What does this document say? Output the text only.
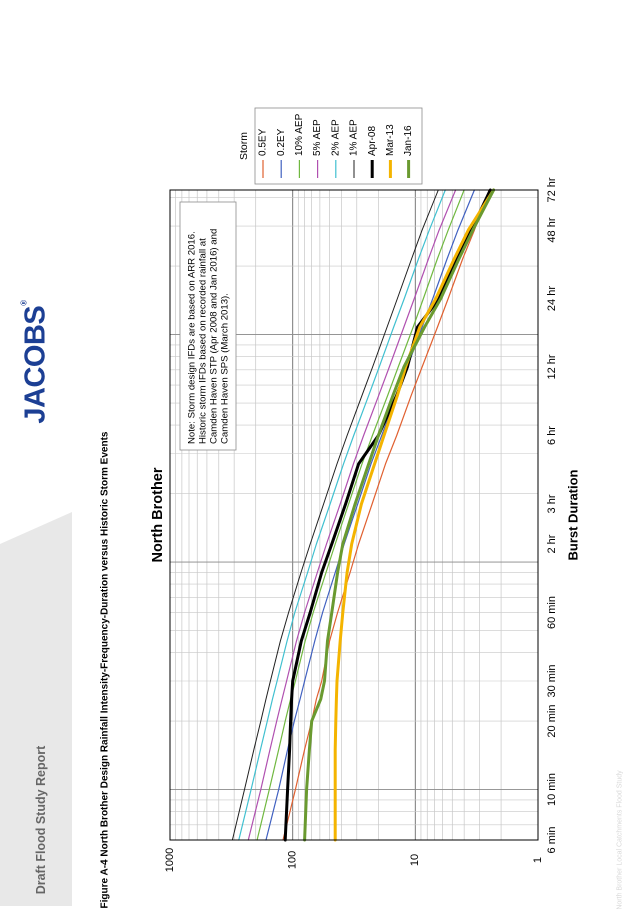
Draft Flood Study Report	Figure A-4 North Brother Design Rainfall Intensity-Frequency-Duration versus Historic Storm Events
JACOBS®
North Brother Local Catchments Flood Study
1
10
100
1000
6 min
10 min
20 min
30 min
60 min
2 hr
3 hr
6 hr
12 hr
24 hr
48 hr
72 hr
Burst Duration
North Brother
Note: Storm design IFDs are based on ARR 2016. Historic storm IFDs based on recorded rainfall at Camden Haven STP (Apr 2008 and Jan 2016) and Camden Haven SPS (March 2013).
Storm 0.5EY 0.2EY 10% AEP 5% AEP 2% AEP 1% AEP Apr-08 Mar-13 Jan-16
